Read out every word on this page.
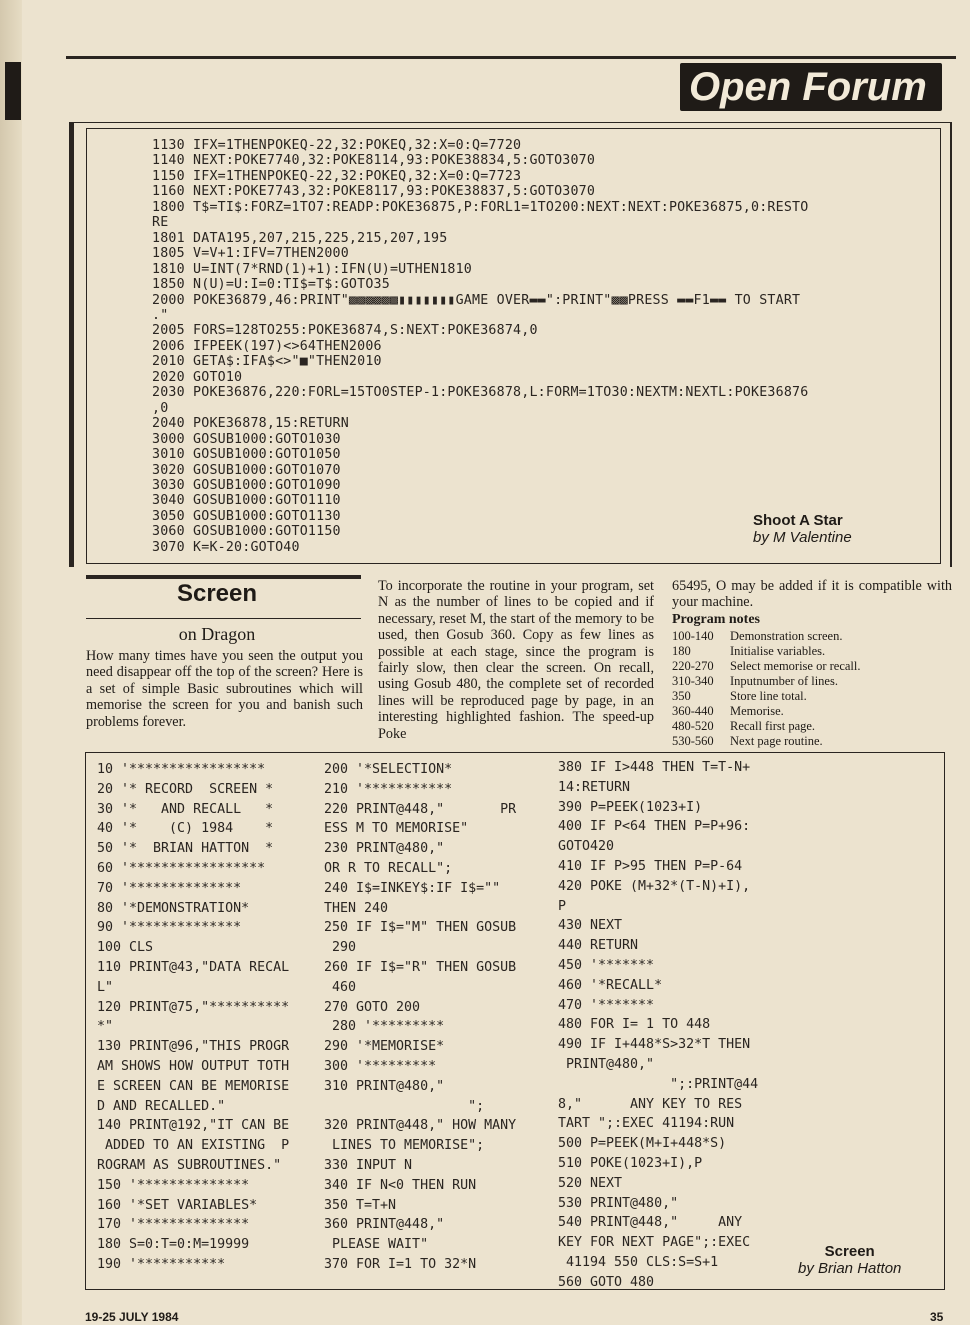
Open Forum
1130 IFX=1THENPOKEQ-22,32:POKEQ,32:X=0:Q=7720
1140 NEXT:POKE7740,32:POKE8114,93:POKE38834,5:GOTO3070
1150 IFX=1THENPOKEQ-22,32:POKEQ,32:X=0:Q=7723
1160 NEXT:POKE7743,32:POKE8117,93:POKE38837,5:GOTO3070
1800 T$=TI$:FORZ=1TO7:READP:POKE36875,P:FORL1=1TO200:NEXT:NEXT:POKE36875,0:RESTO
RE
1801 DATA195,207,215,225,215,207,195
1805 V=V+1:IFV=7THEN2000
1810 U=INT(7*RND(1)+1):IFN(U)=UTHEN1810
1850 N(U)=U:I=0:TI$=T$:GOTO35
2000 POKE36879,46:PRINT"▩▩▩▩▩▩▮▮▮▮▮▮▮GAME OVER▬▬":PRINT"▩▩PRESS ▬▬F1▬▬ TO START
."
2005 FORS=128TO255:POKE36874,S:NEXT:POKE36874,0
2006 IFPEEK(197)<>64THEN2006
2010 GETA$:IFA$<>"■"THEN2010
2020 GOTO10
2030 POKE36876,220:FORL=15TO0STEP-1:POKE36878,L:FORM=1TO30:NEXTM:NEXTL:POKE36876
,0
2040 POKE36878,15:RETURN
3000 GOSUB1000:GOTO1030
3010 GOSUB1000:GOTO1050
3020 GOSUB1000:GOTO1070
3030 GOSUB1000:GOTO1090
3040 GOSUB1000:GOTO1110
3050 GOSUB1000:GOTO1130
3060 GOSUB1000:GOTO1150
3070 K=K-20:GOTO40
Shoot A Star
by M Valentine
Screen
on Dragon
How many times have you seen the output you need disappear off the top of the screen? Here is a set of simple Basic subroutines which will memorise the screen for you and banish such problems forever.
To incorporate the routine in your program, set N as the number of lines to be copied and if necessary, reset M, the start of the memory to be used, then Gosub 360. Copy as few lines as possible at each stage, since the program is fairly slow, then clear the screen. On recall, using Gosub 480, the complete set of recorded lines will be reproduced page by page, in an interesting highlighted fashion. The speed-up Poke
65495, O may be added if it is compatible with your machine.
Program notes
100-140	Demonstration screen.
180	Initialise variables.
220-270	Select memorise or recall.
310-340	Inputnumber of lines.
350	Store line total.
360-440	Memorise.
480-520	Recall first page.
530-560	Next page routine.
10 '*****************
20 '* RECORD  SCREEN *
30 '*   AND RECALL   *
40 '*    (C) 1984    *
50 '*  BRIAN HATTON  *
60 '*****************
70 '**************
80 '*DEMONSTRATION*
90 '**************
100 CLS
110 PRINT@43,"DATA RECAL
L"
120 PRINT@75,"**********
*"
130 PRINT@96,"THIS PROGR
AM SHOWS HOW OUTPUT TOTH
E SCREEN CAN BE MEMORISE
D AND RECALLED."
140 PRINT@192,"IT CAN BE
ADDED TO AN EXISTING  P
ROGRAM AS SUBROUTINES."
150 '**************
160 '*SET VARIABLES*
170 '**************
180 S=0:T=0:M=19999
190 '***********
200 '*SELECTION*
210 '***********
220 PRINT@448,"       PR
ESS M TO MEMORISE"
230 PRINT@480,"
OR R TO RECALL";
240 I$=INKEY$:IF I$=""
THEN 240
250 IF I$="M" THEN GOSUB
290
260 IF I$="R" THEN GOSUB
460
270 GOTO 200
280 '*********
290 '*MEMORISE*
300 '*********
310 PRINT@480,"
";
320 PRINT@448," HOW MANY
LINES TO MEMORISE";
330 INPUT N
340 IF N<0 THEN RUN
350 T=T+N
360 PRINT@448,"
PLEASE WAIT"
370 FOR I=1 TO 32*N
380 IF I>448 THEN T=T-N+
14:RETURN
390 P=PEEK(1023+I)
400 IF P<64 THEN P=P+96:
GOTO420
410 IF P>95 THEN P=P-64
420 POKE (M+32*(T-N)+I),
P
430 NEXT
440 RETURN
450 '*******
460 '*RECALL*
470 '*******
480 FOR I= 1 TO 448
490 IF I+448*S>32*T THEN
PRINT@480,"
";:PRINT@44
8,"      ANY KEY TO RES
TART ";:EXEC 41194:RUN
500 P=PEEK(M+I+448*S)
510 POKE(1023+I),P
520 NEXT
530 PRINT@480,"
540 PRINT@448,"     ANY
KEY FOR NEXT PAGE";:EXEC
41194 550 CLS:S=S+1
560 GOTO 480
Screen
by Brian Hatton
19-25 JULY 1984	35
